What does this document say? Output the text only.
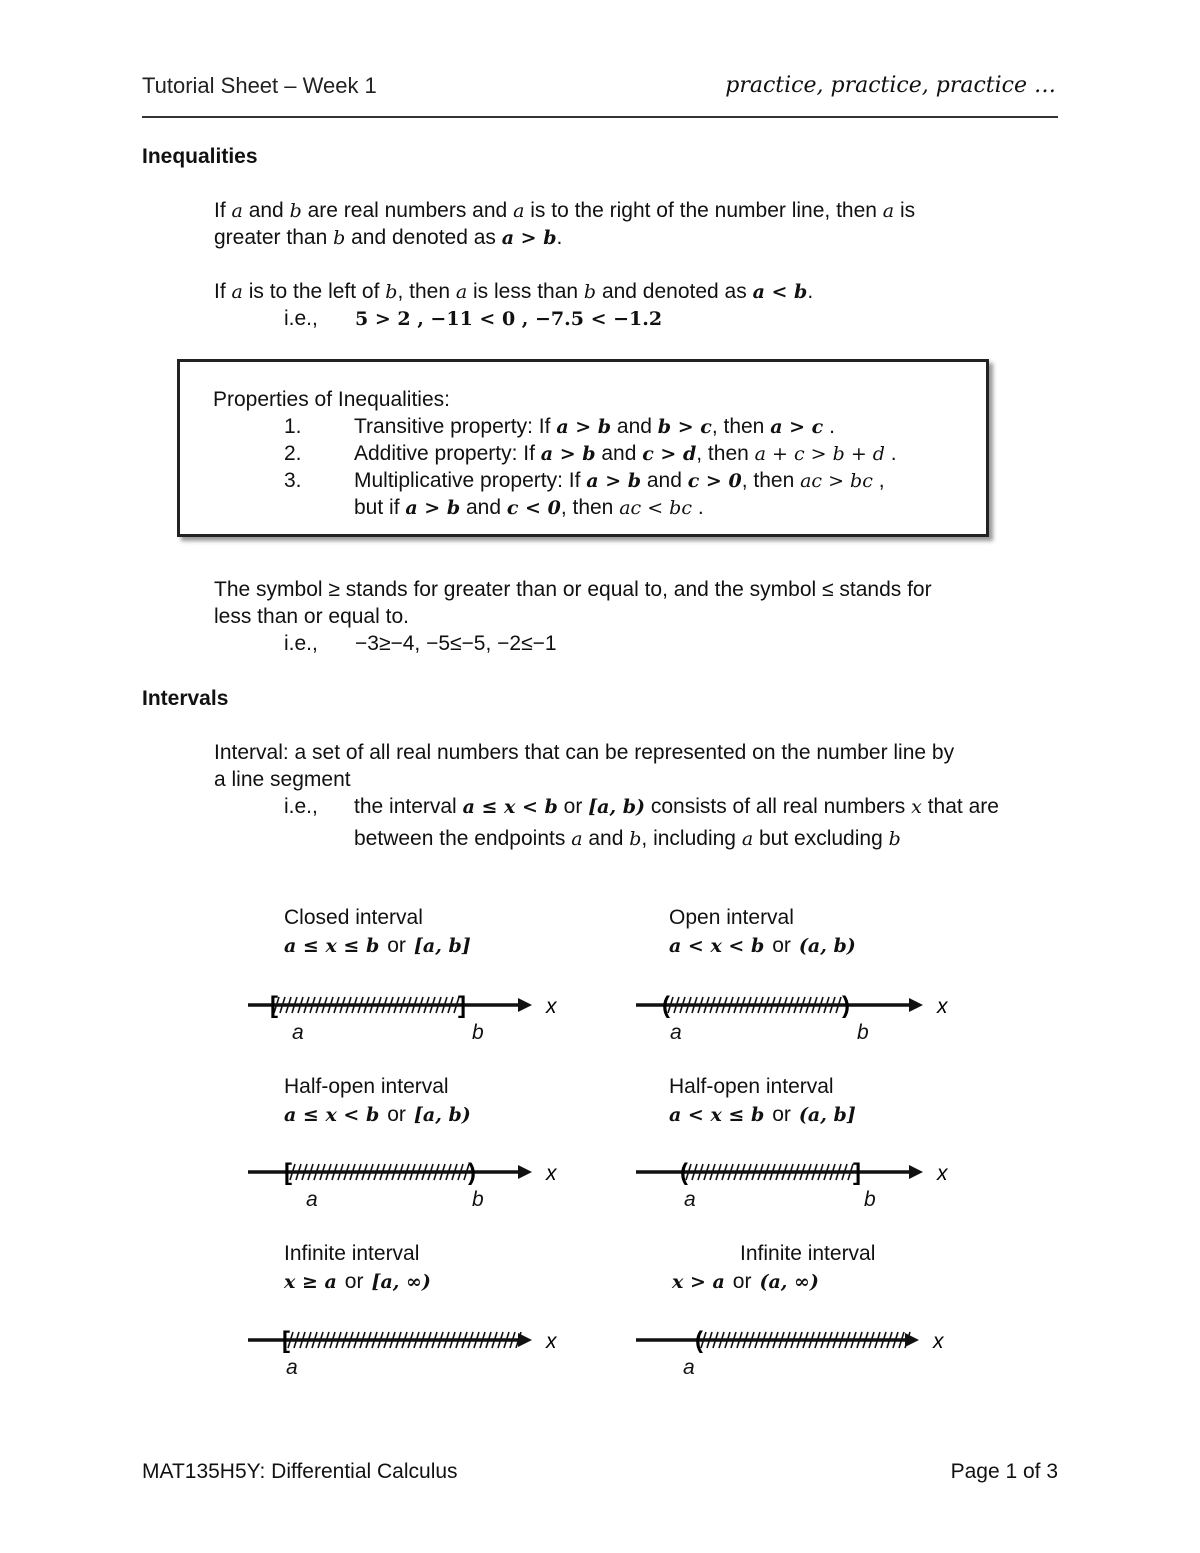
Tutorial Sheet – Week 1	practice, practice, practice …
Inequalities
If a and b are real numbers and a is to the right of the number line, then a is
greater than b and denoted as a > b.
If a is to the left of b, then a is less than b and denoted as a < b.
i.e., 5 > 2 , −11 < 0 , −7.5 < −1.2
Properties of Inequalities:
1. Transitive property: If a > b and b > c, then a > c .
2. Additive property: If a > b and c > d, then a + c > b + d .
3. Multiplicative property: If a > b and c > 0, then ac > bc ,
but if a > b and c < 0, then ac < bc .
The symbol ≥ stands for greater than or equal to, and the symbol ≤ stands for
less than or equal to.
i.e., −3≥−4, −5≤−5, −2≤−1
Intervals
Interval: a set of all real numbers that can be represented on the number line by
a line segment
i.e., the interval a ≤ x < b or [a, b) consists of all real numbers x that are
between the endpoints a and b, including a but excluding b
Closed interval
a ≤ x ≤ b or [a, b]
[	]	x
a	b
Open interval
a < x < b or (a, b)
(	)	x
a	b
Half-open interval
a ≤ x < b or [a, b)
[	)	x
a	b
Half-open interval
a < x ≤ b or (a, b]
(	]	x
a	b
Infinite interval
x ≥ a or [a, ∞)
[	x
a
Infinite interval
x > a or (a, ∞)
(	x
a
MAT135H5Y: Differential Calculus	Page 1 of 3
